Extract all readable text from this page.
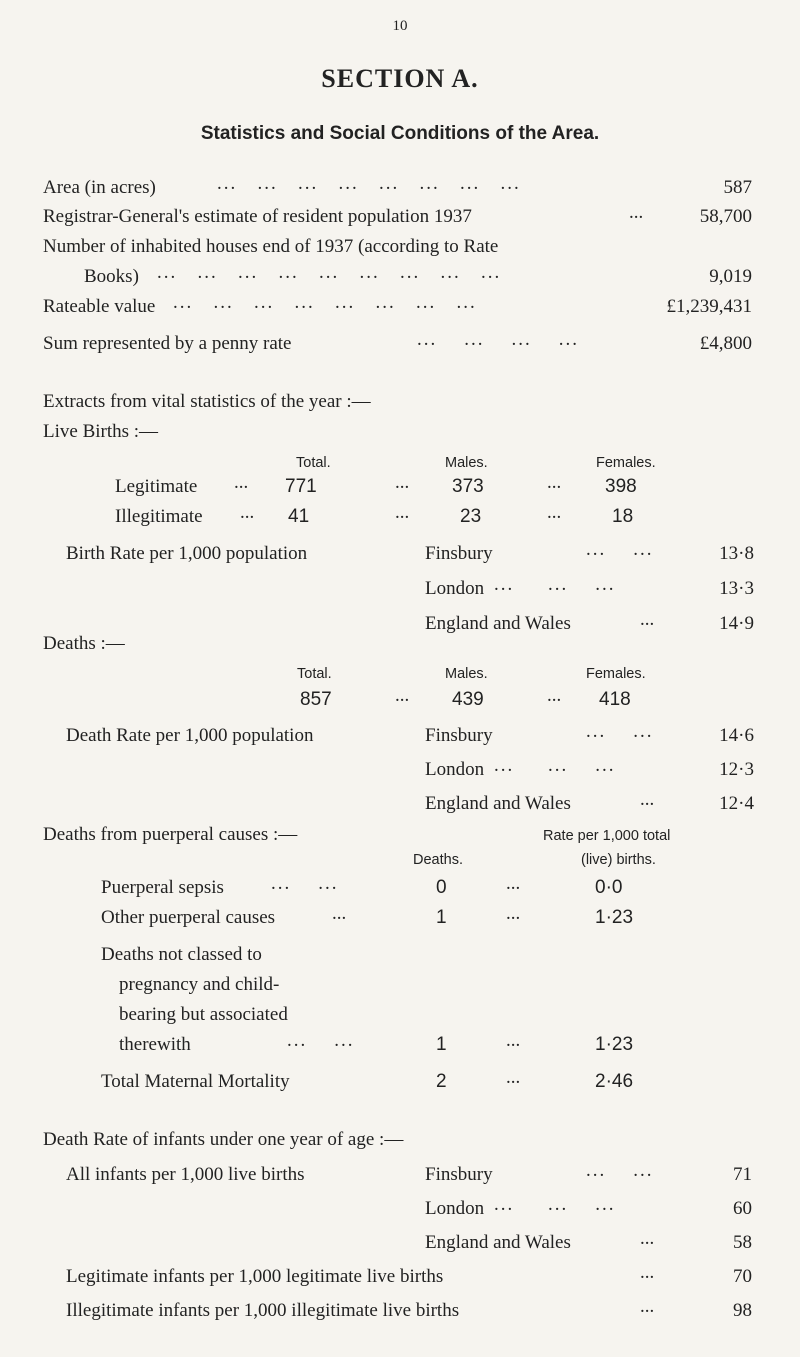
10
SECTION A.
Statistics and Social Conditions of the Area.
Area (in acres)	...   ...   ...   ...   ...   ...   ...   ...	587
Registrar-General's estimate of resident population 1937	...	58,700
Number of inhabited houses end of 1937 (according to Rate
Books) ...   ...   ...   ...   ...   ...   ...   ...   ...	9,019
Rateable value ...   ...   ...   ...   ...   ...   ...   ...	£1,239,431
Sum represented by a penny rate	...    ...    ...    ...	£4,800
Extracts from vital statistics of the year :—
Live Births :—
Total.	Males.	Females.
Legitimate ... 771	... 373	... 398
Illegitimate ... 41	...	23	...	18
Birth Rate per 1,000 population	Finsbury	...    ...	13·8
London ...     ...    ...	13·3
England and Wales	...	14·9
Deaths :—
Total.	Males.	Females.
857	... 439	... 418
Death Rate per 1,000 population	Finsbury	...    ...	14·6
London ...     ...    ...	12·3
England and Wales	...	12·4
Deaths from puerperal causes :—	Rate per 1,000 total
Deaths.	(live) births.
Puerperal sepsis ...    ...	0	...	0·0
Other puerperal causes	...	1	...	1·23
Deaths not classed to
pregnancy and child-
bearing but associated
therewith	...    ...	1	...	1·23
Total Maternal Mortality	2	...	2·46
Death Rate of infants under one year of age :—
All infants per 1,000 live births	Finsbury	...    ...	71
London ...     ...    ...	60
England and Wales	...	58
Legitimate infants per 1,000 legitimate live births	...	70
Illegitimate infants per 1,000 illegitimate live births	...	98
